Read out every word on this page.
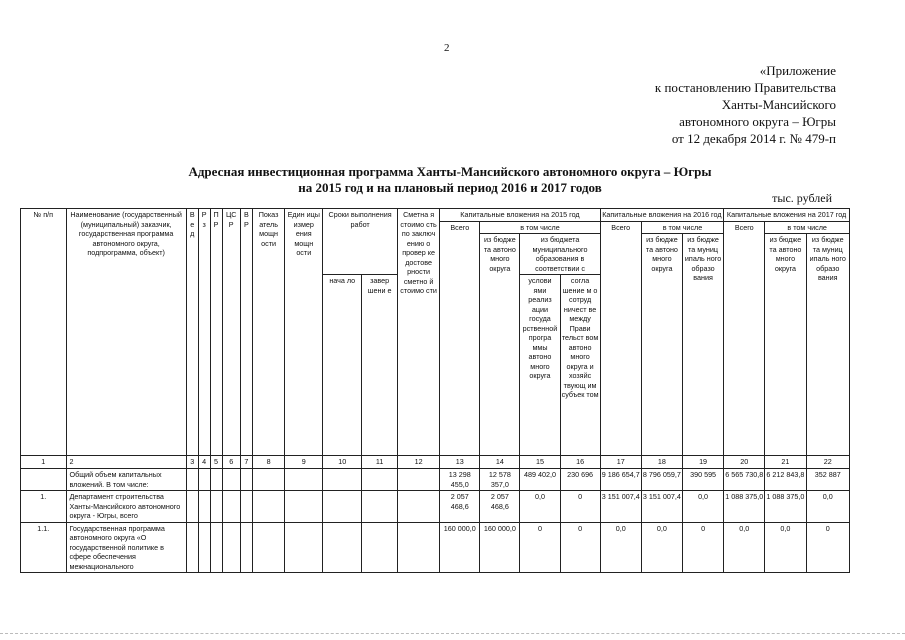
2
«Приложение
к постановлению Правительства
Ханты-Мансийского
автономного округа – Югры
от 12 декабря 2014 г. № 479-п
Адресная инвестиционная программа Ханты-Мансийского автономного округа – Югры
на 2015 год и на плановый период 2016 и 2017 годов
тыс. рублей
№ п/п	Наименование (государственный (муниципальный) заказчик, государственная программа автономного округа, подпрограмма, объект)	В е д	Р з	П Р	ЦС Р	В Р	Показ атель мощн ости	Един ицы измер ения мощн ости	Сроки выполнения работ		Сметна я стоимо сть по заключ ению о провер ке достове рности сметно й стоимо сти	Капитальные вложения на 2015 год				Капитальные вложения на 2016 год			Капитальные вложения на 2017 год		
												Всего	в том числе			Всего	в том числе		Всего	в том числе	
													из бюдже та автоно много округа	из бюджета муниципального образования в соответствии с			из бюдже та автоно много округа	из бюдже та муниц ипаль ного образо вания		из бюдже та автоно много округа	из бюдже та муниц ипаль ного образо вания
									нача ло	завер шени е				услови ями реализ ации госуда рственной програ ммы автоно много округа	согла шение м о сотруд ничест ве между Прави тельст вом автоно много округа и хозяйс твующ им субъек том						
1	2	3	4	5	6	7	8	9	10	11	12	13	14	15	16	17	18	19	20	21	22
	Общий объем капитальных вложений. В том числе:											13 298 455,0	12 578 357,0	489 402,0	230 696	9 186 654,7	8 796 059,7	390 595	6 565 730,8	6 212 843,8	352 887
1.	Департамент строительства Ханты-Мансийского автономного округа - Югры, всего											2 057 468,6	2 057 468,6	0,0	0	3 151 007,4	3 151 007,4	0,0	1 088 375,0	1 088 375,0	0,0
1.1.	Государственная программа автономного округа «О государственной политике в сфере обеспечения межнационального											160 000,0	160 000,0	0	0	0,0	0,0	0	0,0	0,0	0
